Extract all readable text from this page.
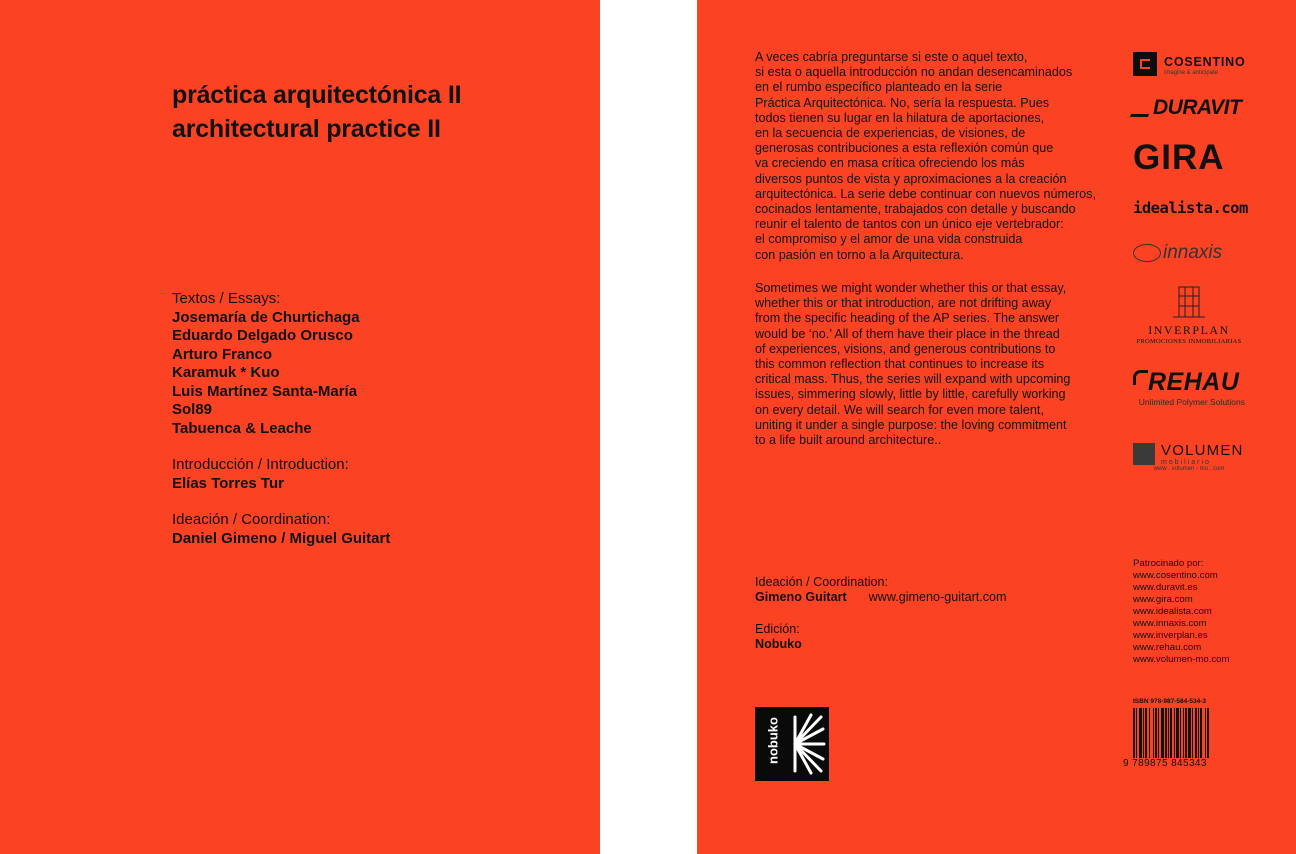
práctica arquitectónica II
architectural practice II
Textos / Essays:
Josemaría de Churtichaga
Eduardo Delgado Orusco
Arturo Franco
Karamuk * Kuo
Luis Martínez Santa-María
Sol89
Tabuenca & Leache
Introducción / Introduction:
Elías Torres Tur
Ideación / Coordination:
Daniel Gimeno / Miguel Guitart
A veces cabría preguntarse si este o aquel texto,
si esta o aquella introducción no andan desencaminados
en el rumbo específico planteado en la serie
Práctica Arquitectónica. No, sería la respuesta. Pues
todos tienen su lugar en la hilatura de aportaciones,
en la secuencia de experiencias, de visiones, de
generosas contribuciones a esta reflexión común que
va creciendo en masa crítica ofreciendo los más
diversos puntos de vista y aproximaciones a la creación
arquitectónica. La serie debe continuar con nuevos números,
cocinados lentamente, trabajados con detalle y buscando
reunir el talento de tantos con un único eje vertebrador:
el compromiso y el amor de una vida construida
con pasión en torno a la Arquitectura.
Sometimes we might wonder whether this or that essay,
whether this or that introduction, are not drifting away
from the specific heading of the AP series. The answer
would be ‘no.’ All of them have their place in the thread
of experiences, visions, and generous contributions to
this common reflection that continues to increase its
critical mass. Thus, the series will expand with upcoming
issues, simmering slowly, little by little, carefully working
on every detail. We will search for even more talent,
uniting it under a single purpose: the loving commitment
to a life built around architecture..
Ideación / Coordination:
Gimeno Guitart www.gimeno-guitart.com
Edición:
Nobuko
nobuko
COSENTINO
imagine & anticipate
DURAVIT
GIRA
idealista.com
innaxis
INVERPLAN
PROMOCIONES INMOBILIARIAS
REHAU
Unlimited Polymer Solutions
VOLUMEN
mobiliario
www . volumen - mo . com
Patrocinado por:
www.cosentino.com
www.duravit.es
www.gira.com
www.idealista.com
www.innaxis.com
www.inverplan.es
www.rehau.com
www.volumen-mo.com
ISBN 978-987-584-534-3
9 789875 845343
